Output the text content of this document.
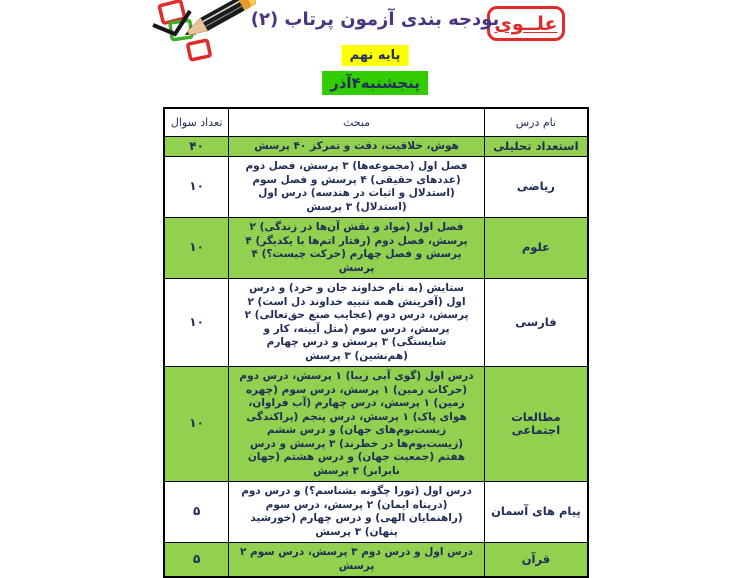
علــوی
بودجه بندی آزمون پرتاب (۲)
پایه نهم
پنجشنبه۴آذر
نام درس	مبحث	تعداد سوال
استعداد تحلیلی	هوش، خلاقیت، دقت و تمرکز ۴۰ پرسش	۴۰
ریاضی	فصل اول (مجموعه‌ها) ۳ پرسش، فصل دوم (عددهای حقیقی) ۴ پرسش و فصل سوم (استدلال و اثبات در هندسه) درس اول (استدلال) ۳ پرسش	۱۰
علوم	فصل اول (مواد و نقش آن‌ها در زندگی) ۲ پرسش، فصل دوم (رفتار اتم‌ها با یکدیگر) ۴ پرسش و فصل چهارم (حرکت چیست؟) ۴ پرسش	۱۰
فارسی	ستایش (به نام خداوند جان و خرد) و درس اول (آفرینش همه تنبیه خداوند دل است) ۲ پرسش، درس دوم (عجایب صنع حق‌تعالی) ۲ پرسش، درس سوم (مثل آیینه، کار و شایستگی) ۳ پرسش و درس چهارم (هم‌نشین) ۳ پرسش	۱۰
مطالعات اجتماعی	درس اول (گوی آبی زیبا) ۱ پرسش، درس دوم (حرکات زمین) ۱ پرسش، درس سوم (چهره زمین) ۱ پرسش، درس چهارم (آب فراوان، هوای پاک) ۱ پرسش، درس پنجم (پراکندگی زیست‌بوم‌های جهان) و درس ششم (زیست‌بوم‌ها در خطرند) ۳ پرسش و درس هفتم (جمعیت جهان) و درس هشتم (جهان نابرابر) ۳ پرسش	۱۰
پیام های آسمان	درس اول (تورا چگونه بشناسم؟) و درس دوم (درپناه ایمان) ۲ پرسش، درس سوم (راهنمایان الهی) و درس چهارم (خورشید پنهان) ۳ پرسش	۵
قرآن	درس اول و درس دوم ۳ پرسش، درس سوم ۲ پرسش	۵
